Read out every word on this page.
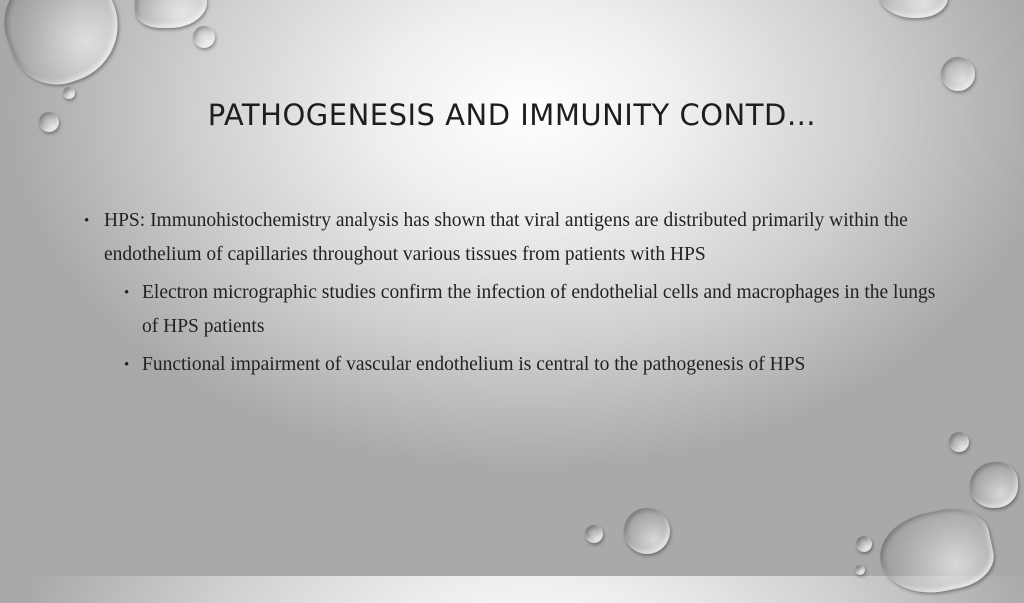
PATHOGENESIS AND IMMUNITY CONTD…

• HPS: Immunohistochemistry analysis has shown that viral antigens are distributed primarily within the endothelium of capillaries throughout various tissues from patients with HPS

• Electron micrographic studies confirm the infection of endothelial cells and macrophages in the lungs of HPS patients

• Functional impairment of vascular endothelium is central to the pathogenesis of HPS
